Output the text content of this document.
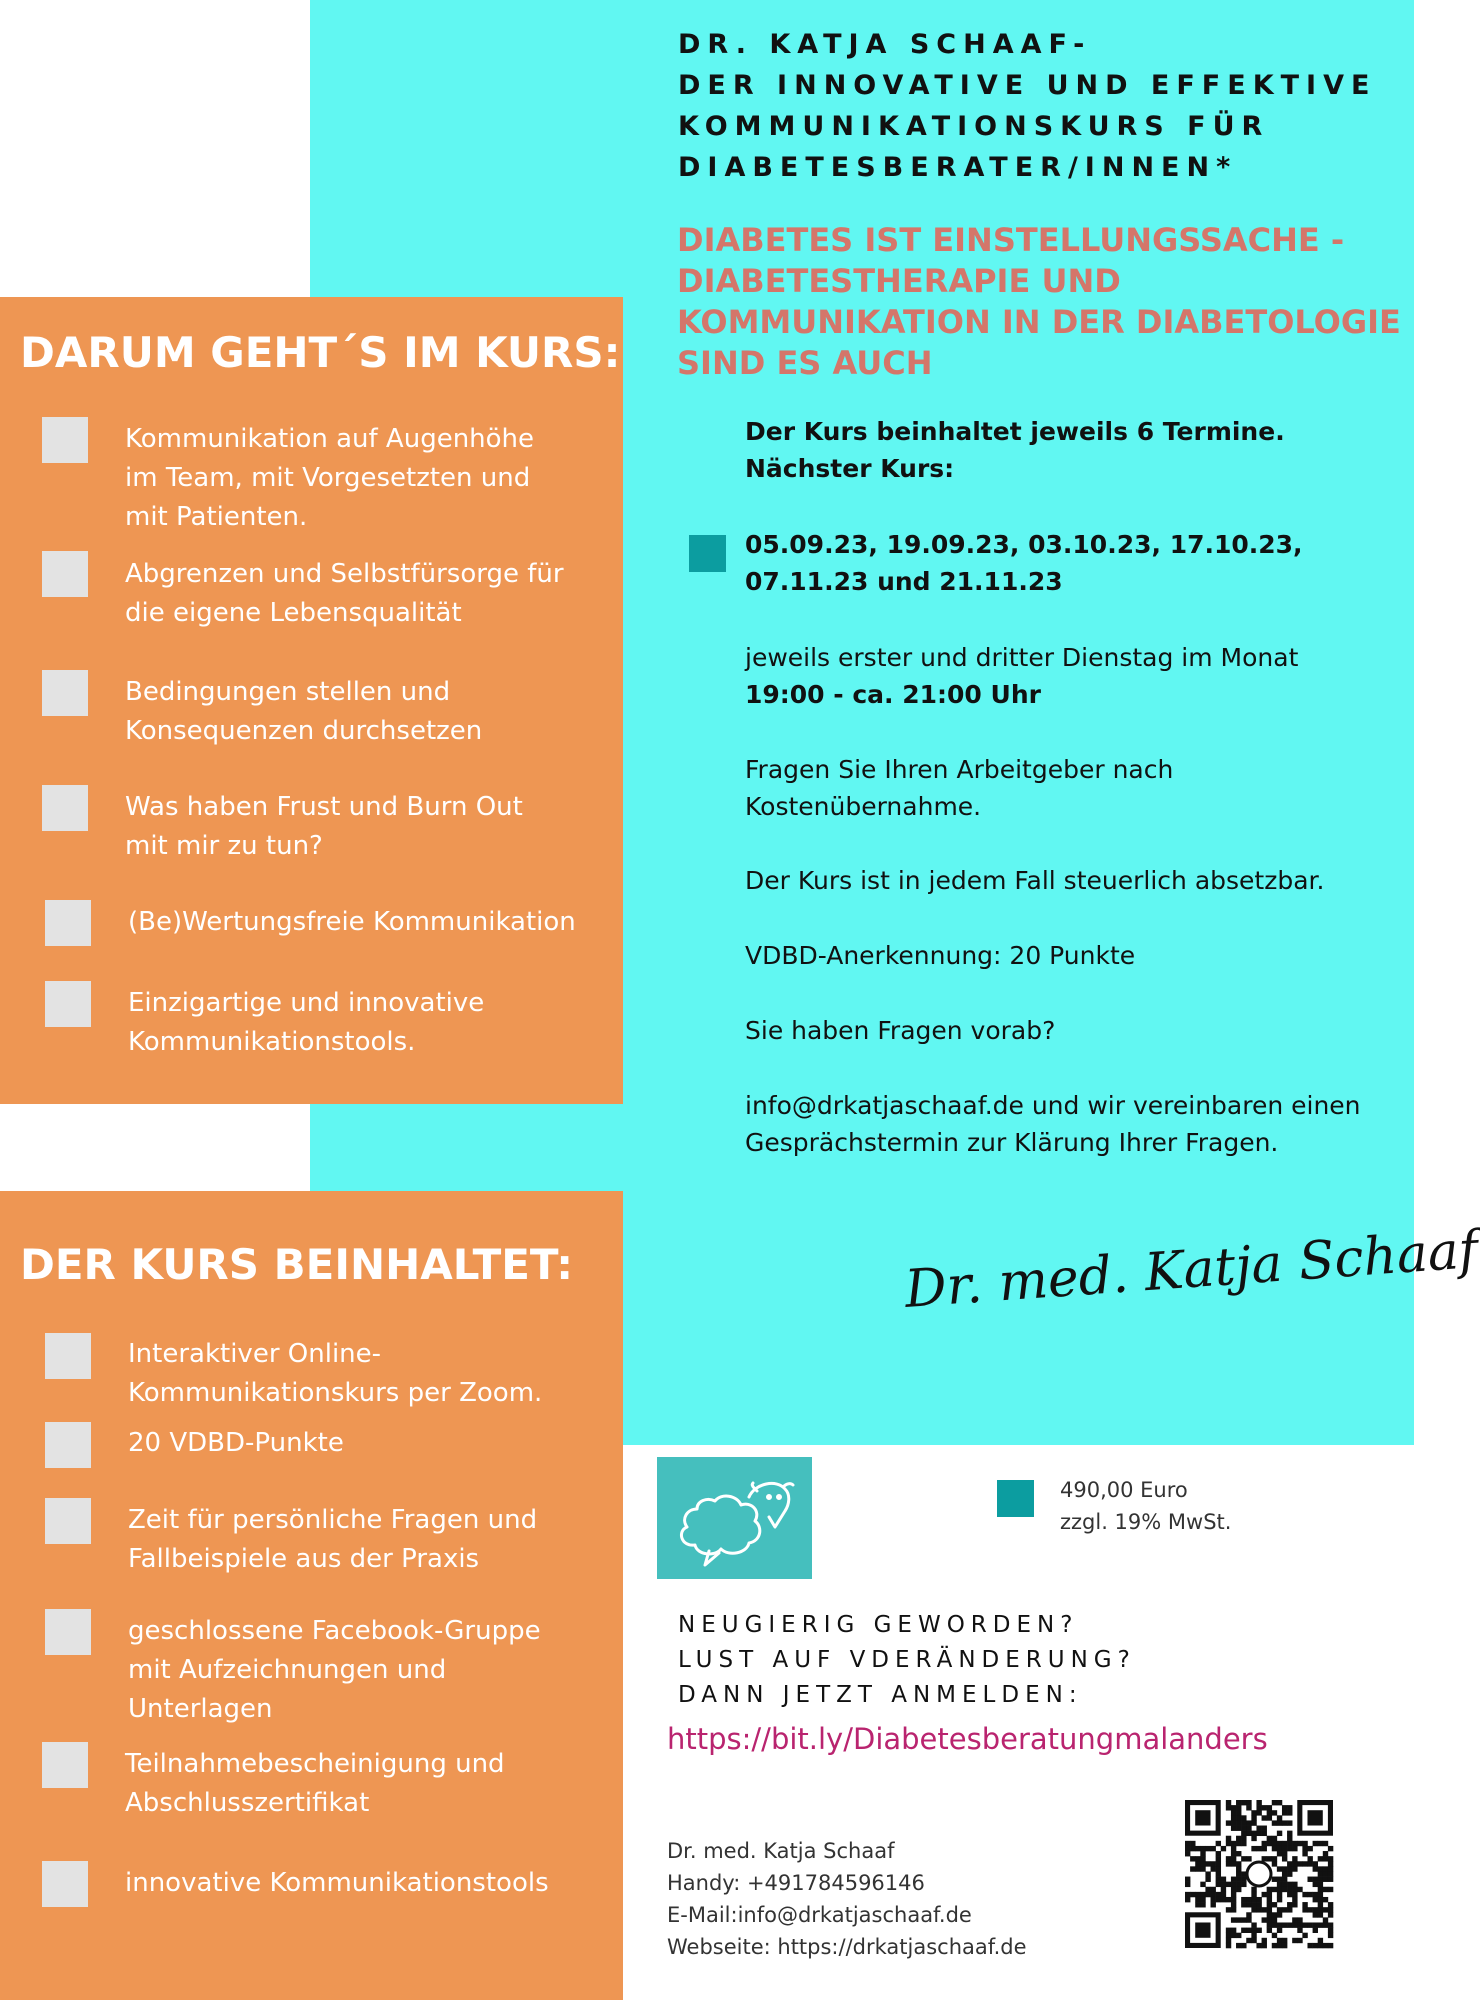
DR. KATJA SCHAAF-
DER INNOVATIVE UND EFFEKTIVE
KOMMUNIKATIONSKURS FÜR
DIABETESBERATER/INNEN*
DIABETES IST EINSTELLUNGSSACHE -
DIABETESTHERAPIE UND
KOMMUNIKATION IN DER DIABETOLOGIE
SIND ES AUCH
DARUM GEHT´S IM KURS:
Kommunikation auf Augenhöhe
im Team, mit Vorgesetzten und
mit Patienten.
Abgrenzen und Selbstfürsorge für
die eigene Lebensqualität
Bedingungen stellen und
Konsequenzen durchsetzen
Was haben Frust und Burn Out
mit mir zu tun?
(Be)Wertungsfreie Kommunikation
Einzigartige und innovative
Kommunikationstools.
DER KURS BEINHALTET:
Interaktiver Online-
Kommunikationskurs per Zoom.
20 VDBD-Punkte
Zeit für persönliche Fragen und
Fallbeispiele aus der Praxis
geschlossene Facebook-Gruppe
mit Aufzeichnungen und
Unterlagen
Teilnahmebescheinigung und
Abschlusszertifikat
innovative Kommunikationstools
Der Kurs beinhaltet jeweils 6 Termine.
Nächster Kurs:
05.09.23, 19.09.23, 03.10.23, 17.10.23,
07.11.23 und 21.11.23
jeweils erster und dritter Dienstag im Monat
19:00 - ca. 21:00 Uhr
Fragen Sie Ihren Arbeitgeber nach
Kostenübernahme.
Der Kurs ist in jedem Fall steuerlich absetzbar.
VDBD-Anerkennung: 20 Punkte
Sie haben Fragen vorab?
info@drkatjaschaaf.de und wir vereinbaren einen
Gesprächstermin zur Klärung Ihrer Fragen.
Dr. med. Katja Schaaf
490,00 Euro
zzgl. 19% MwSt.
NEUGIERIG GEWORDEN?
LUST AUF VDERÄNDERUNG?
DANN JETZT ANMELDEN:
https://bit.ly/Diabetesberatungmalanders
Dr. med. Katja Schaaf
Handy: +491784596146
E-Mail:info@drkatjaschaaf.de
Webseite: https://drkatjaschaaf.de
